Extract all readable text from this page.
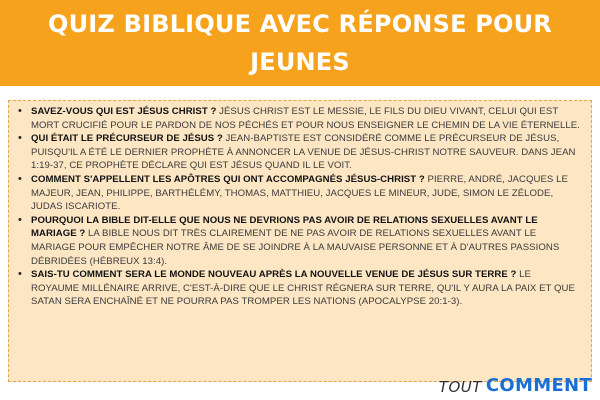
QUIZ BIBLIQUE AVEC RÉPONSE POUR JEUNES
• SAVEZ-VOUS QUI EST JÉSUS CHRIST ? JÉSUS CHRIST EST LE MESSIE, LE FILS DU DIEU VIVANT, CELUI QUI EST MORT CRUCIFIÉ POUR LE PARDON DE NOS PÉCHÉS ET POUR NOUS ENSEIGNER LE CHEMIN DE LA VIE ÉTERNELLE.
• QUI ÉTAIT LE PRÉCURSEUR DE JÉSUS ? JEAN-BAPTISTE EST CONSIDÉRÉ COMME LE PRÉCURSEUR DE JÉSUS, PUISQU'IL A ÉTÉ LE DERNIER PROPHÈTE À ANNONCER LA VENUE DE JÉSUS-CHRIST NOTRE SAUVEUR. DANS JEAN 1:19-37, CE PROPHÈTE DÉCLARE QUI EST JÉSUS QUAND IL LE VOIT.
• COMMENT S'APPELLENT LES APÔTRES QUI ONT ACCOMPAGNÉS JÉSUS-CHRIST ? PIERRE, ANDRÉ, JACQUES LE MAJEUR, JEAN, PHILIPPE, BARTHÉLÉMY, THOMAS, MATTHIEU, JACQUES LE MINEUR, JUDE, SIMON LE ZÉLODE, JUDAS ISCARIOTE.
• POURQUOI LA BIBLE DIT-ELLE QUE NOUS NE DEVRIONS PAS AVOIR DE RELATIONS SEXUELLES AVANT LE MARIAGE ? LA BIBLE NOUS DIT TRÈS CLAIREMENT DE NE PAS AVOIR DE RELATIONS SEXUELLES AVANT LE MARIAGE POUR EMPÊCHER NOTRE ÂME DE SE JOINDRE À LA MAUVAISE PERSONNE ET À D'AUTRES PASSIONS DÉBRIDÉES (HÉBREUX 13:4).
• SAIS-TU COMMENT SERA LE MONDE NOUVEAU APRÈS LA NOUVELLE VENUE DE JÉSUS SUR TERRE ? LE ROYAUME MILLÉNAIRE ARRIVE, C'EST-À-DIRE QUE LE CHRIST RÉGNERA SUR TERRE, QU'IL Y AURA LA PAIX ET QUE SATAN SERA ENCHAÎNÉ ET NE POURRA PAS TROMPER LES NATIONS (APOCALYPSE 20:1-3).
TOUT COMMENT
